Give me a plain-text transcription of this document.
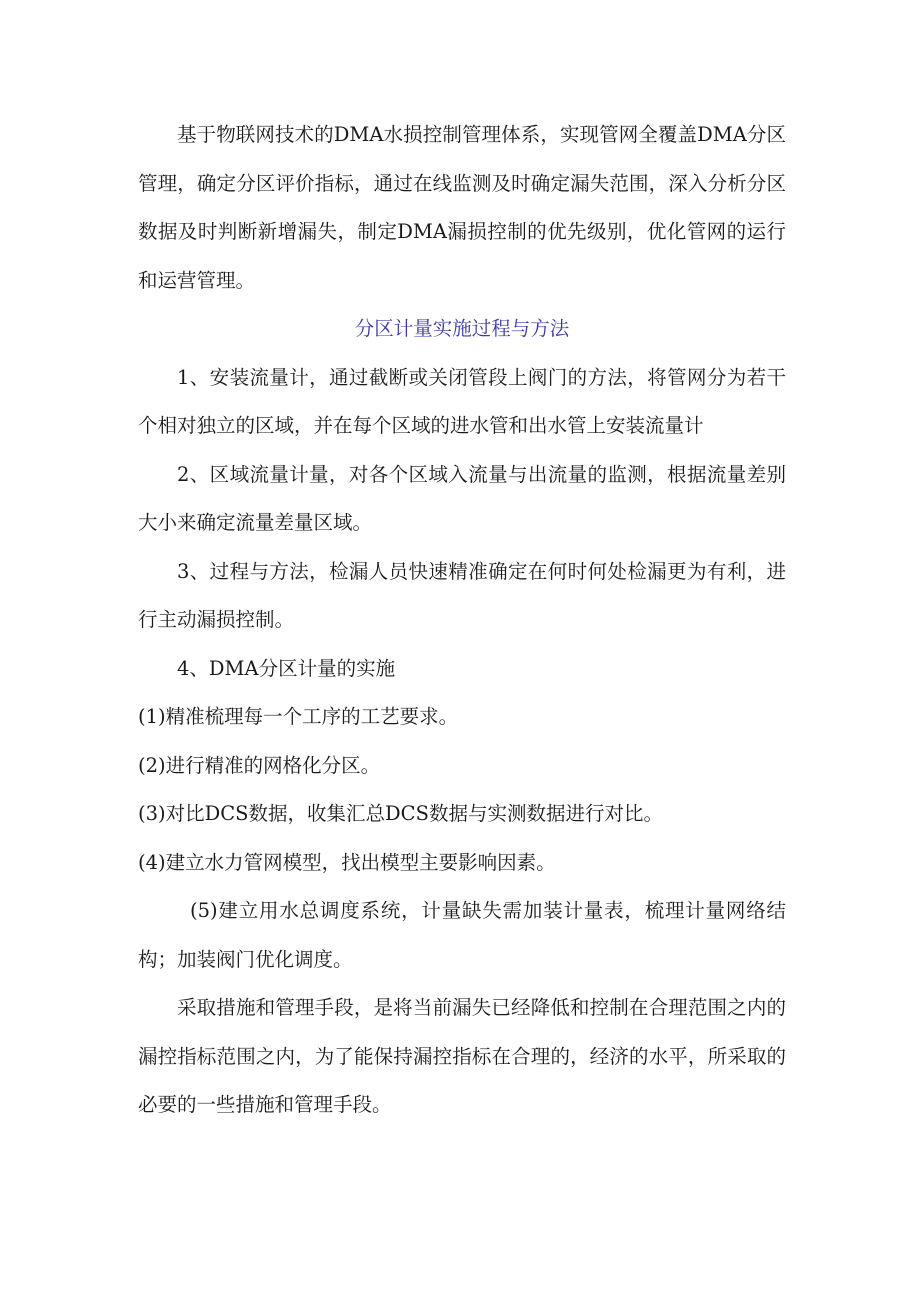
基于物联网技术的DMA水损控制管理体系，实现管网全覆盖DMA分区管理，确定分区评价指标，通过在线监测及时确定漏失范围，深入分析分区数据及时判断新增漏失，制定DMA漏损控制的优先级别，优化管网的运行和运营管理。

分区计量实施过程与方法

1、安装流量计，通过截断或关闭管段上阀门的方法，将管网分为若干个相对独立的区域，并在每个区域的进水管和出水管上安装流量计

2、区域流量计量，对各个区域入流量与出流量的监测，根据流量差别大小来确定流量差量区域。

3、过程与方法，检漏人员快速精准确定在何时何处检漏更为有利，进行主动漏损控制。

4、DMA分区计量的实施

(1)精准梳理每一个工序的工艺要求。

(2)进行精准的网格化分区。

(3)对比DCS数据，收集汇总DCS数据与实测数据进行对比。

(4)建立水力管网模型，找出模型主要影响因素。

(5)建立用水总调度系统，计量缺失需加装计量表，梳理计量网络结构；加装阀门优化调度。

采取措施和管理手段，是将当前漏失已经降低和控制在合理范围之内的漏控指标范围之内，为了能保持漏控指标在合理的，经济的水平，所采取的必要的一些措施和管理手段。
